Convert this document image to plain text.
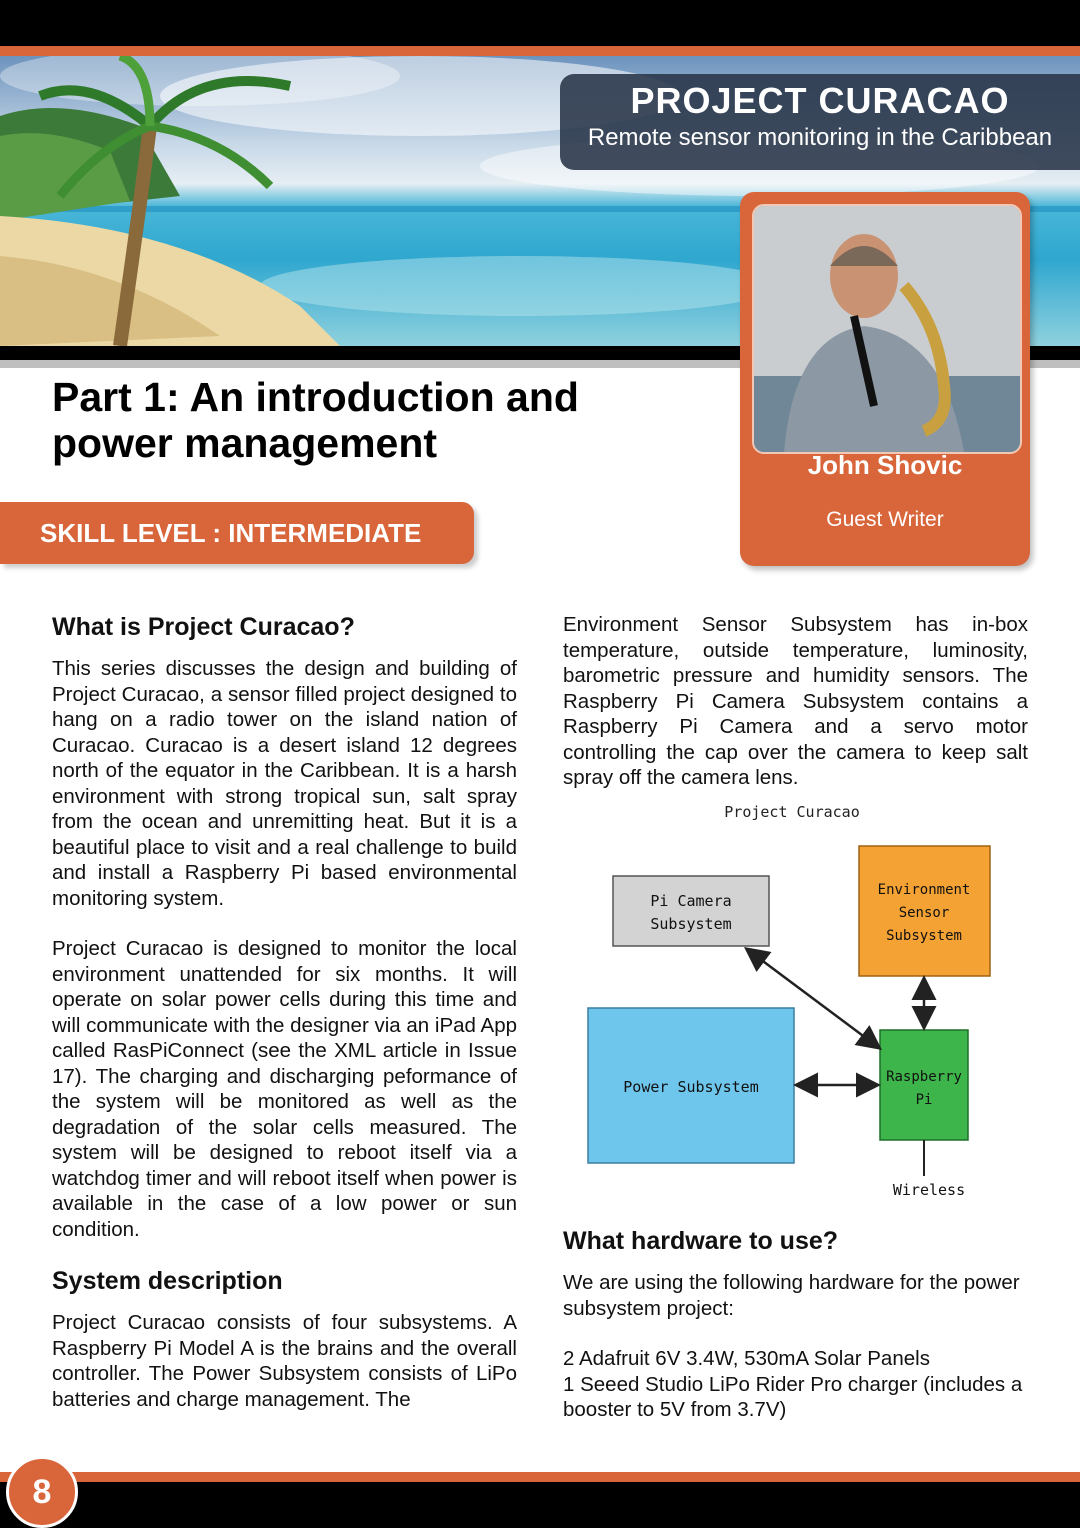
PROJECT CURACAO
Remote sensor monitoring in the Caribbean
John Shovic
Guest Writer
Part 1: An introduction and
power management
SKILL LEVEL : INTERMEDIATE
What is Project Curacao?

This series discusses the design and building of Project Curacao, a sensor filled project designed to hang on a radio tower on the island nation of Curacao. Curacao is a desert island 12 degrees north of the equator in the Caribbean. It is a harsh environment with strong tropical sun, salt spray from the ocean and unremitting heat. But it is a beautiful place to visit and a real challenge to build and install a Raspberry Pi based environmental monitoring system.

Project Curacao is designed to monitor the local environment unattended for six months. It will operate on solar power cells during this time and will communicate with the designer via an iPad App called RasPiConnect (see the XML article in Issue 17). The charging and discharging peformance of the system will be monitored as well as the degradation of the solar cells measured. The system will be designed to reboot itself via a watchdog timer and will reboot itself when power is available in the case of a low power or sun condition.

System description

Project Curacao consists of four subsystems. A Raspberry Pi Model A is the brains and the overall controller. The Power Subsystem consists of LiPo batteries and charge management. The

Environment Sensor Subsystem has in-box temperature, outside temperature, luminosity, barometric pressure and humidity sensors. The Raspberry Pi Camera Subsystem contains a Raspberry Pi Camera and a servo motor controlling the cap over the camera to keep salt spray off the camera lens.

Project Curacao
Pi Camera
Subsystem
Environment
Sensor
Subsystem
Power Subsystem
Raspberry
Pi
Wireless
What hardware to use?

We are using the following hardware for the power subsystem project:

2 Adafruit 6V 3.4W, 530mA Solar Panels

1 Seeed Studio LiPo Rider Pro charger (includes a booster to 5V from 3.7V)

8
